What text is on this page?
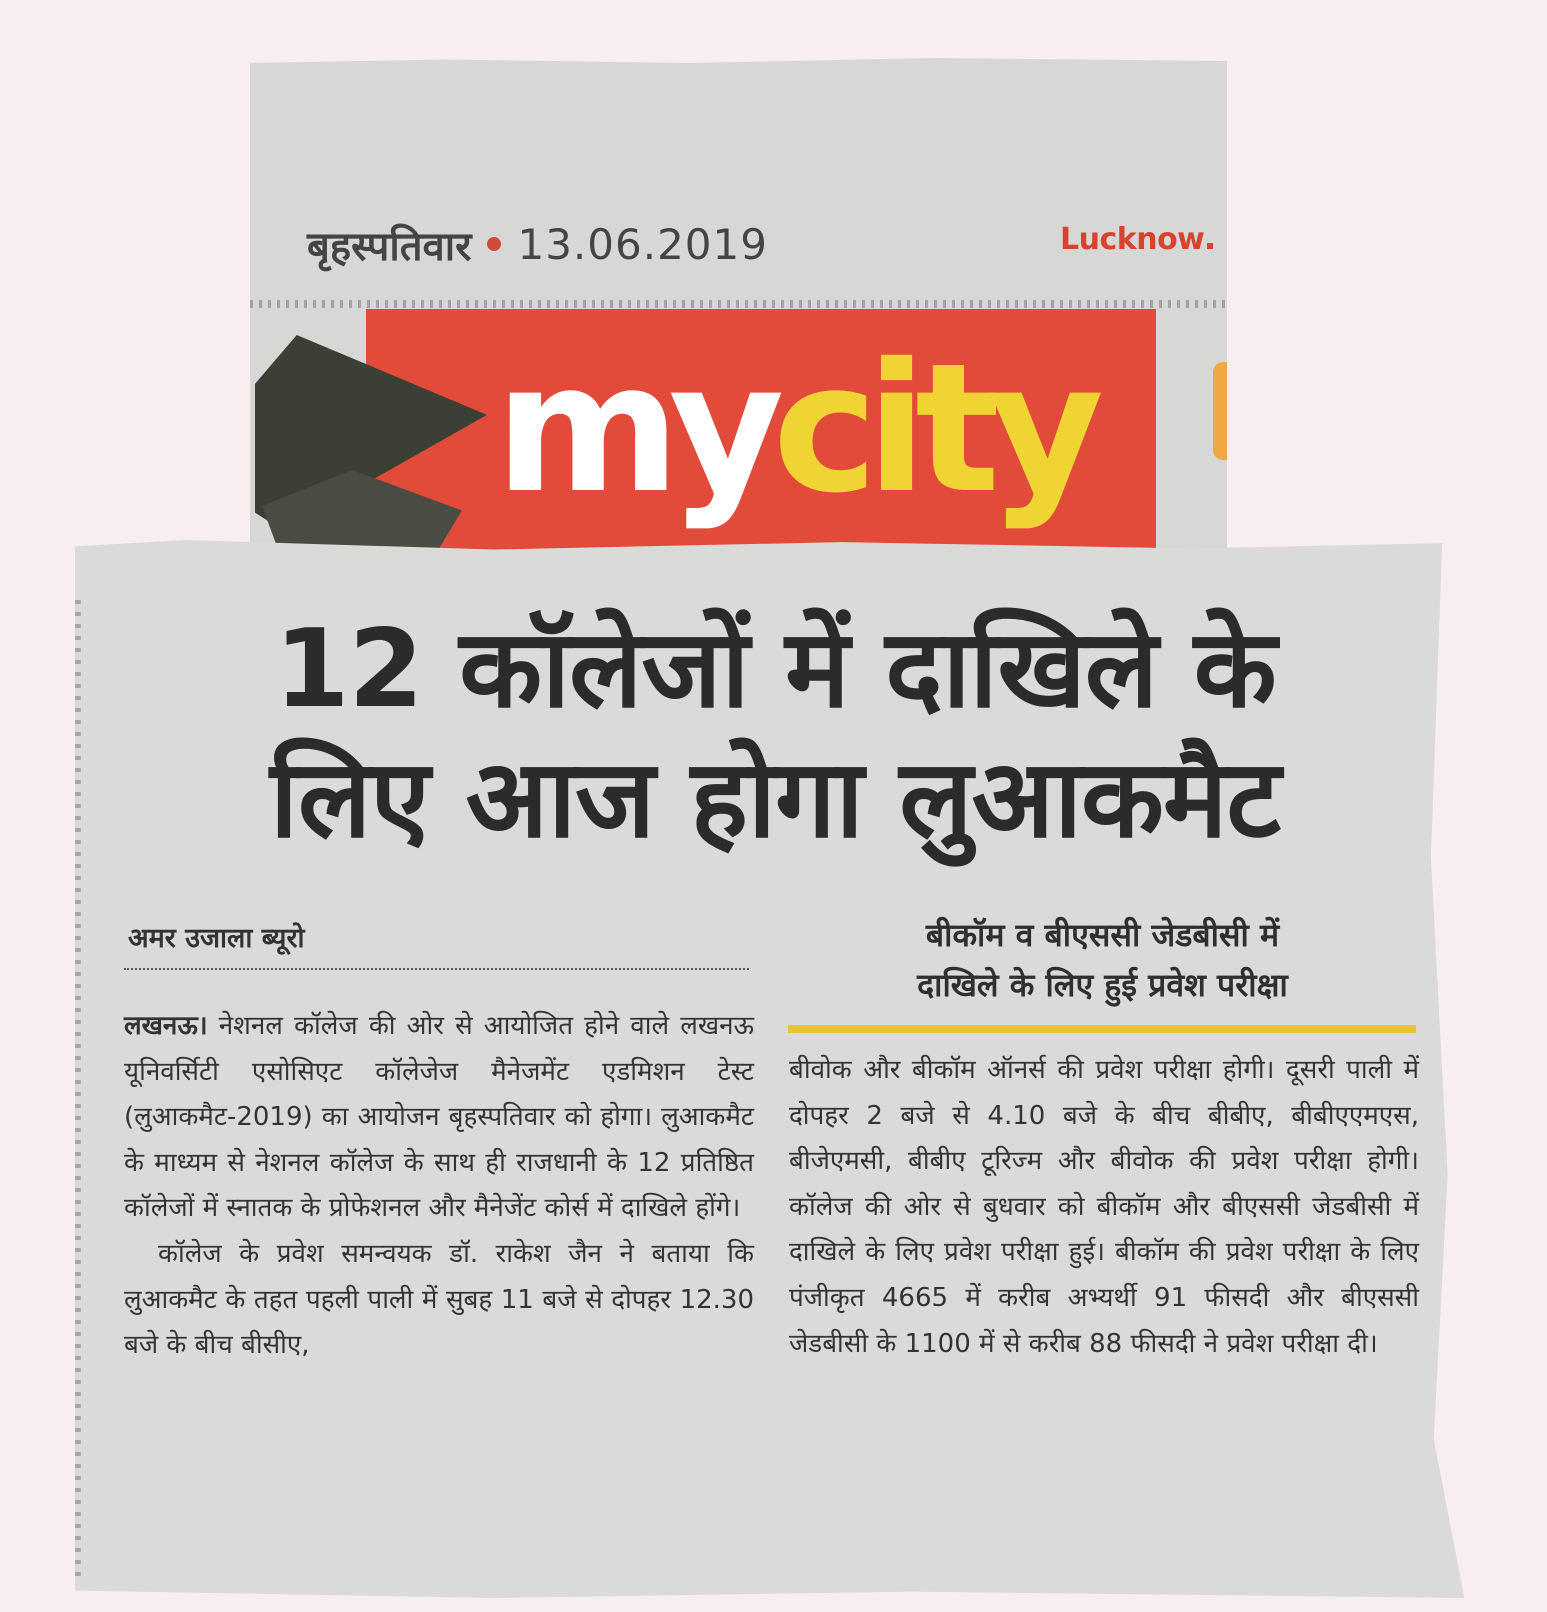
बृहस्पतिवार 13.06.2019	Lucknow
my city
12 कॉलेजों में दाखिले के
लिए आज होगा लुआकमैट
अमर उजाला ब्यूरो	बीकॉम व बीएससी जेडबीसी में
दाखिले के लिए हुई प्रवेश परीक्षा

लखनऊ। नेशनल कॉलेज की ओर से आयोजित होने वाले लखनऊ यूनिवर्सिटी एसोसिएट कॉलेजेज मैनेजमेंट एडमिशन टेस्ट (लुआकमैट-2019) का आयोजन बृहस्पतिवार को होगा। लुआकमैट के माध्यम से नेशनल कॉलेज के साथ ही राजधानी के 12 प्रतिष्ठित कॉलेजों में स्नातक के प्रोफेशनल और मैनेजेंट कोर्स में दाखिले होंगे।

कॉलेज के प्रवेश समन्वयक डॉ. राकेश जैन ने बताया कि लुआकमैट के तहत पहली पाली में सुबह 11 बजे से दोपहर 12.30 बजे के बीच बीसीए,

बीवोक और बीकॉम ऑनर्स की प्रवेश परीक्षा होगी। दूसरी पाली में दोपहर 2 बजे से 4.10 बजे के बीच बीबीए, बीबीएएमएस, बीजेएमसी, बीबीए टूरिज्म और बीवोक की प्रवेश परीक्षा होगी। कॉलेज की ओर से बुधवार को बीकॉम और बीएससी जेडबीसी में दाखिले के लिए प्रवेश परीक्षा हुई। बीकॉम की प्रवेश परीक्षा के लिए पंजीकृत 4665 में करीब अभ्यर्थी 91 फीसदी और बीएससी जेडबीसी के 1100 में से करीब 88 फीसदी ने प्रवेश परीक्षा दी।
